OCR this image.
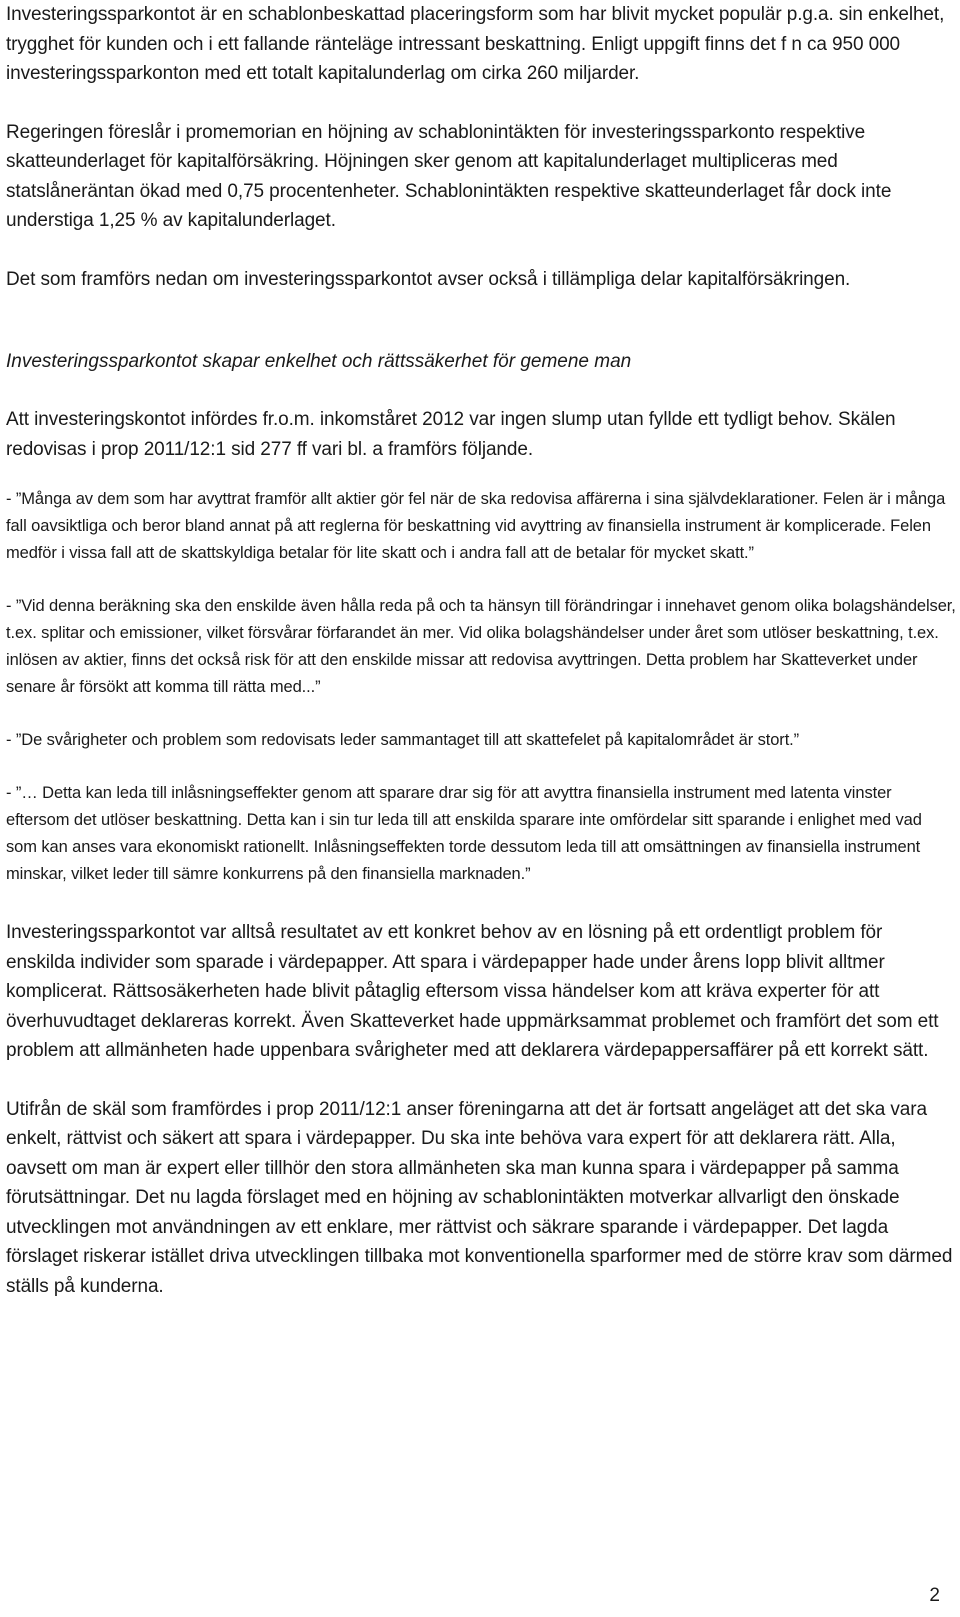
Investeringssparkontot är en schablonbeskattad placeringsform som har blivit mycket populär p.g.a. sin enkelhet, trygghet för kunden och i ett fallande ränteläge intressant beskattning. Enligt uppgift finns det f n ca 950 000 investeringssparkonton med ett totalt kapitalunderlag om cirka 260 miljarder.

Regeringen föreslår i promemorian en höjning av schablonintäkten för investeringssparkonto respektive skatteunderlaget för kapitalförsäkring. Höjningen sker genom att kapitalunderlaget multipliceras med statslåneräntan ökad med 0,75 procentenheter. Schablonintäkten respektive skatteunderlaget får dock inte understiga 1,25 % av kapitalunderlaget.

Det som framförs nedan om investeringssparkontot avser också i tillämpliga delar kapitalförsäkringen.

Investeringssparkontot skapar enkelhet och rättssäkerhet för gemene man

Att investeringskontot infördes fr.o.m. inkomståret 2012 var ingen slump utan fyllde ett tydligt behov. Skälen redovisas i prop 2011/12:1 sid 277 ff vari bl. a framförs följande.

- ”Många av dem som har avyttrat framför allt aktier gör fel när de ska redovisa affärerna i sina självdeklarationer. Felen är i många fall oavsiktliga och beror bland annat på att reglerna för beskattning vid avyttring av finansiella instrument är komplicerade. Felen medför i vissa fall att de skattskyldiga betalar för lite skatt och i andra fall att de betalar för mycket skatt.”

- ”Vid denna beräkning ska den enskilde även hålla reda på och ta hänsyn till förändringar i innehavet genom olika bolagshändelser, t.ex. splitar och emissioner, vilket försvårar förfarandet än mer. Vid olika bolagshändelser under året som utlöser beskattning, t.ex. inlösen av aktier, finns det också risk för att den enskilde missar att redovisa avyttringen. Detta problem har Skatteverket under senare år försökt att komma till rätta med...”

- ”De svårigheter och problem som redovisats leder sammantaget till att skattefelet på kapitalområdet är stort.”

- ”… Detta kan leda till inlåsningseffekter genom att sparare drar sig för att avyttra finansiella instrument med latenta vinster eftersom det utlöser beskattning. Detta kan i sin tur leda till att enskilda sparare inte omfördelar sitt sparande i enlighet med vad som kan anses vara ekonomiskt rationellt. Inlåsningseffekten torde dessutom leda till att omsättningen av finansiella instrument minskar, vilket leder till sämre konkurrens på den finansiella marknaden.”

Investeringssparkontot var alltså resultatet av ett konkret behov av en lösning på ett ordentligt problem för enskilda individer som sparade i värdepapper. Att spara i värdepapper hade under årens lopp blivit alltmer komplicerat. Rättsosäkerheten hade blivit påtaglig eftersom vissa händelser kom att kräva experter för att överhuvudtaget deklareras korrekt. Även Skatteverket hade uppmärksammat problemet och framfört det som ett problem att allmänheten hade uppenbara svårigheter med att deklarera värdepappersaffärer på ett korrekt sätt.

Utifrån de skäl som framfördes i prop 2011/12:1 anser föreningarna att det är fortsatt angeläget att det ska vara enkelt, rättvist och säkert att spara i värdepapper. Du ska inte behöva vara expert för att deklarera rätt. Alla, oavsett om man är expert eller tillhör den stora allmänheten ska man kunna spara i värdepapper på samma förutsättningar. Det nu lagda förslaget med en höjning av schablonintäkten motverkar allvarligt den önskade utvecklingen mot användningen av ett enklare, mer rättvist och säkrare sparande i värdepapper. Det lagda förslaget riskerar istället driva utvecklingen tillbaka mot konventionella sparformer med de större krav som därmed ställs på kunderna.

2
